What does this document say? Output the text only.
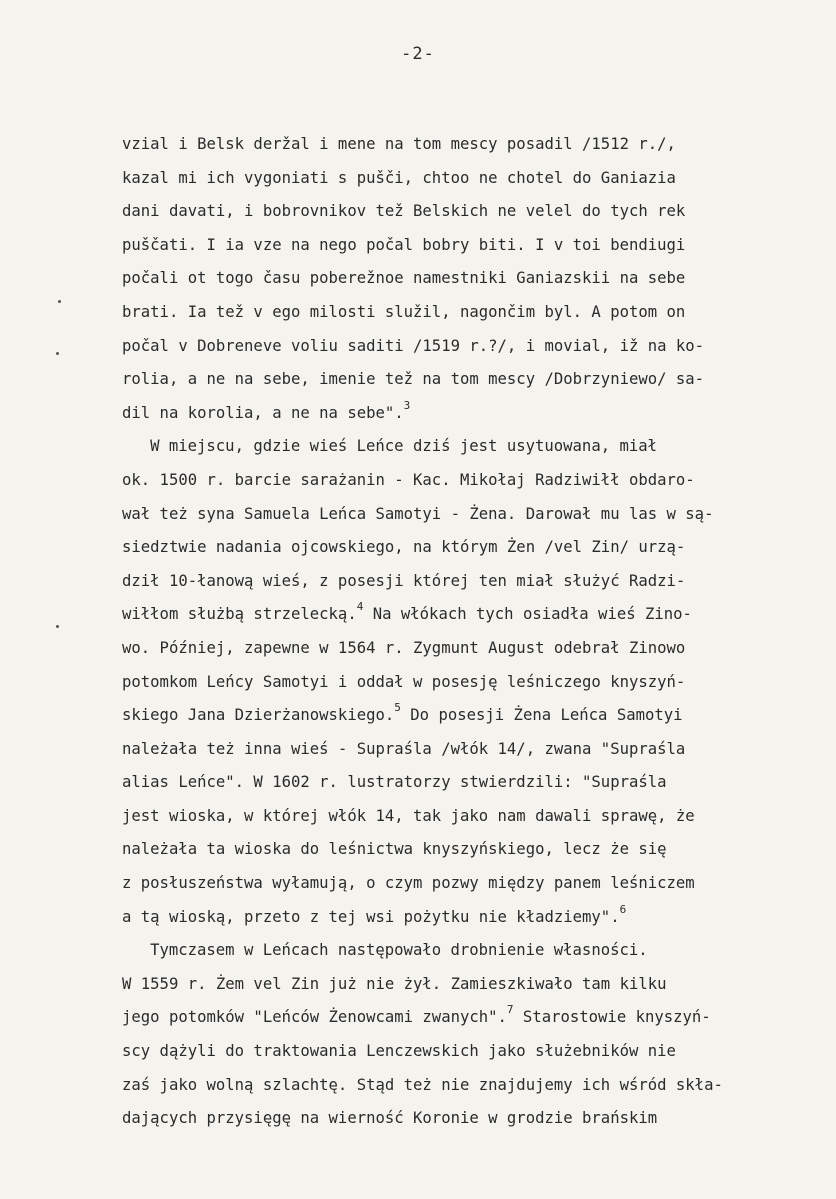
-2-
vzial i Belsk deržal i mene na tom mescy posadil /1512 r./,
kazal mi ich vygoniati s pušči, chtoo ne chotel do Ganiazia
dani davati, i bobrovnikov tež Belskich ne velel do tych rek
puščati. I ia vze na nego počal bobry biti. I v toi bendiugi
počali ot togo času poberežnoe namestniki Ganiazskii na sebe
brati. Ia tež v ego milosti služil, nagončim byl. A potom on
počal v Dobreneve voliu saditi /1519 r.?/, i movial, iž na ko-
rolia, a ne na sebe, imenie tež na tom mescy /Dobrzyniewo/ sa-
dil na korolia, a ne na sebe".$^3$
W miejscu, gdzie wieś Leńce dziś jest usytuowana, miał
ok. 1500 r. barcie sarażanin - Kac. Mikołaj Radziwiłł obdaro-
wał też syna Samuela Leńca Samotyi - Żena. Darował mu las w są-
siedztwie nadania ojcowskiego, na którym Żen /vel Zin/ urzą-
dził 10-łanową wieś, z posesji której ten miał służyć Radzi-
wiłłom służbą strzelecką.$^4$ Na włókach tych osiadła wieś Zino-
wo. Później, zapewne w 1564 r. Zygmunt August odebrał Zinowo
potomkom Leńcy Samotyi i oddał w posesję leśniczego knyszyń-
skiego Jana Dzierżanowskiego.$^5$ Do posesji Żena Leńca Samotyi
należała też inna wieś - Supraśla /włók 14/, zwana "Supraśla
alias Leńce". W 1602 r. lustratorzy stwierdzili: "Supraśla
jest wioska, w której włók 14, tak jako nam dawali sprawę, że
należała ta wioska do leśnictwa knyszyńskiego, lecz że się
z posłuszeństwa wyłamują, o czym pozwy między panem leśniczem
a tą wioską, przeto z tej wsi pożytku nie kładziemy".$^6$
Tymczasem w Leńcach następowało drobnienie własności.
W 1559 r. Żem vel Zin już nie żył. Zamieszkiwało tam kilku
jego potomków "Leńców Żenowcami zwanych".$^7$ Starostowie knyszyń-
scy dążyli do traktowania Lenczewskich jako służebników nie
zaś jako wolną szlachtę. Stąd też nie znajdujemy ich wśród skła-
dających przysięgę na wierność Koronie w grodzie brańskim
